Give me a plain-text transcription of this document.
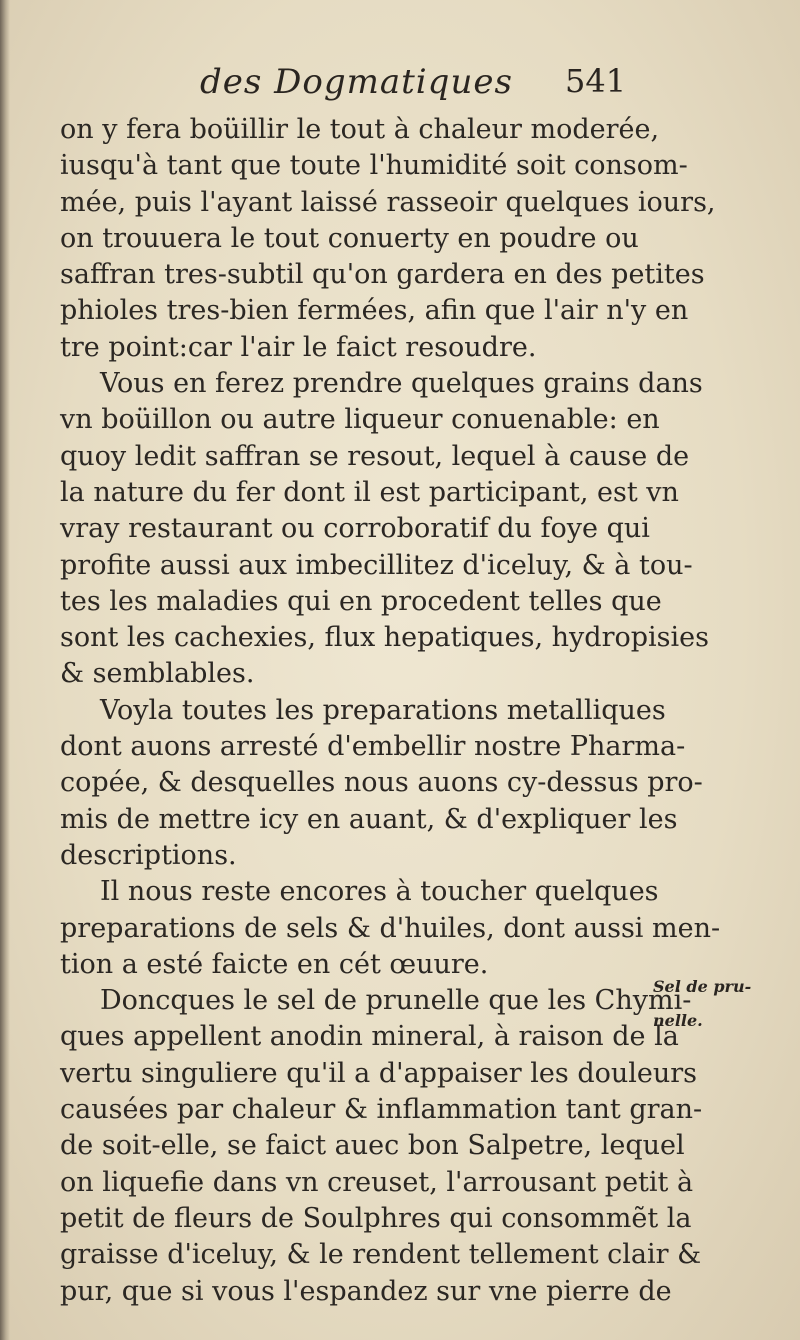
des Dogmatiques 541
on y fera boüillir le tout à chaleur moderée,
iusqu'à tant que toute l'humidité soit consom-
mée, puis l'ayant laissé rasseoir quelques iours,
on trouuera le tout conuerty en poudre ou
saffran tres-subtil qu'on gardera en des petites
phioles tres-bien fermées, afin que l'air n'y en
tre point:car l'air le faict resoudre.
Vous en ferez prendre quelques grains dans
vn boüillon ou autre liqueur conuenable: en
quoy ledit saffran se resout, lequel à cause de
la nature du fer dont il est participant, est vn
vray restaurant ou corroboratif du foye qui
profite aussi aux imbecillitez d'iceluy, & à tou-
tes les maladies qui en procedent telles que
sont les cachexies, flux hepatiques, hydropisies
& semblables.
Voyla toutes les preparations metalliques
dont auons arresté d'embellir nostre Pharma-
copée, & desquelles nous auons cy-dessus pro-
mis de mettre icy en auant, & d'expliquer les
descriptions.
Il nous reste encores à toucher quelques
preparations de sels & d'huiles, dont aussi men-
tion a esté faicte en cét œuure.
Doncques le sel de prunelle que les Chymi-
ques appellent anodin mineral, à raison de la
vertu singuliere qu'il a d'appaiser les douleurs
causées par chaleur & inflammation tant gran-
de soit-elle, se faict auec bon Salpetre, lequel
on liquefie dans vn creuset, l'arrousant petit à
petit de fleurs de Soulphres qui consommẽt la
graisse d'iceluy, & le rendent tellement clair &
pur, que si vous l'espandez sur vne pierre de
Sel de pru-
nelle.
